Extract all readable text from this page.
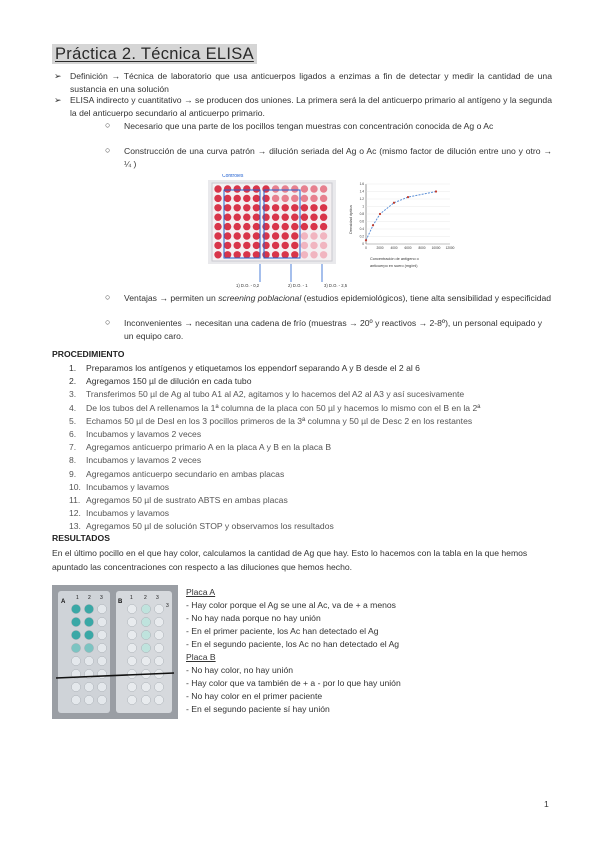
Práctica 2. Técnica ELISA
➢ Definición → Técnica de laboratorio que usa anticuerpos ligados a enzimas a fin de detectar y medir la cantidad de una sustancia en una solución
➢ ELISA indirecto y cuantitativo → se producen dos uniones. La primera será la del anticuerpo primario al antígeno y la segunda la del anticuerpo secundario al anticuerpo primario.
○ Necesario que una parte de los pocillos tengan muestras con concentración conocida de Ag o Ac
○ Construcción de una curva patrón → dilución seriada del Ag o Ac (mismo factor de dilución entre uno y otro → ¼ )
Controles
1) D.O. - 0,2	2) D.O. - 1	3) D.O. - 2,5
0
0.2
0.4
0.6
0.8
1
1.2
1.4
1.6
0	2000 4000 6000 8000 10000 12000
Densidad óptica
Concentración de antígeno o
anticuerpo en suero (mg/ml)
○ Ventajas → permiten un screening poblacional (estudios epidemiológicos), tiene alta sensibilidad y especificidad
○ Inconvenientes → necesitan una cadena de frío (muestras → 20º y reactivos → 2-8º), un personal equipado y un equipo caro.
PROCEDIMIENTO
1. Preparamos los antígenos y etiquetamos los eppendorf separando A y B desde el 2 al 6
2. Agregamos 150 µl de dilución en cada tubo
3. Transferimos 50 µl de Ag al tubo A1 al A2, agitamos y lo hacemos del A2 al A3 y así sucesivamente
4. De los tubos del A rellenamos la 1ª columna de la placa con 50 µl y hacemos lo mismo con el B en la 2ª
5. Echamos 50 µl de Desl en los 3 pocillos primeros de la 3ª columna y 50 µl de Desc 2 en los restantes
6. Incubamos y lavamos 2 veces
7. Agregamos anticuerpo primario A en la placa A y B en la placa B
8. Incubamos y lavamos 2 veces
9. Agregamos anticuerpo secundario en ambas placas
10. Incubamos y lavamos
11. Agregamos 50 µl de sustrato ABTS en ambas placas
12. Incubamos y lavamos
13. Agregamos 50 µl de solución STOP y observamos los resultados
RESULTADOS
En el último pocillo en el que hay color, calculamos la cantidad de Ag que hay. Esto lo hacemos con la tabla en la que hemos apuntado las concentraciones con respecto a las diluciones que hemos hecho.
A
1 2 3
B
1 2 3
3
Placa A
- Hay color porque el Ag se une al Ac, va de + a menos
- No hay nada porque no hay unión
- En el primer paciente, los Ac han detectado el Ag
- En el segundo paciente, los Ac no han detectado el Ag
Placa B
- No hay color, no hay unión
- Hay color que va también de + a - por lo que hay unión
- No hay color en el primer paciente
- En el segundo paciente sí hay unión
1
